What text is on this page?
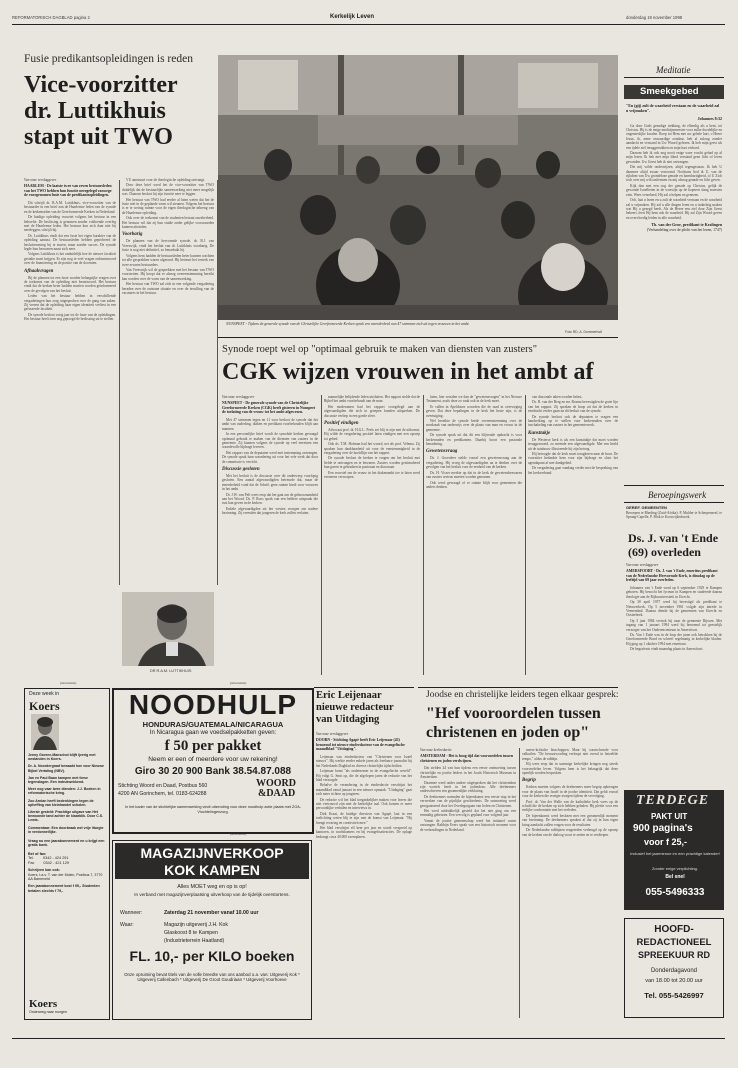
REFORMATORISCH DAGBLAD pagina 2	Kerkelijk Leven	donderdag 19 november 1998
Fusie predikantsopleidingen is reden
Vice-voorzitter
dr. Luttikhuis
stapt uit TWO
Van onze verslaggever
HAARLEM - De laatste twee van zeven bestuursleden van het TWO hebben hun functie neergelegd vanwege de voorgenomen fusie van de predikantsopleidingen.

Dit schrijft dr. R.A.M. Luttikhuis, vice-voorzitter van de bestuurder in een brief aan de Haarlemse leden van de synode en de kerkenraden van de Gereformeerde Kerken in Nederland.

De huidige opleiding voorziet volgens het bestuur in een behoefte. De beslissing is genomen zonder voldoende overleg met de Haarlemse leden. Het bestuur kon zich daar niet bij neerleggen, schrijft hij.

Dr. Luttikhuis vindt dat een fusie het eigen karakter van de opleiding aantast. De bestuursleden hebben geprobeerd de besluitvorming bij te sturen, maar zonder succes. De synode legde hun bezwaren naast zich neer.

Volgens Luttikhuis is het onduidelijk hoe de nieuwe faculteit gestalte moet krijgen. Er zijn nog te veel vragen onbeantwoord over de financiering en de positie van de docenten.

Afhaakvragen

Bij de plannen tot een fusie worden belangrijke vragen over de toekomst van de opleiding niet beantwoord. Het bestuur vindt dat de kerken beter hadden moeten worden geïnformeerd over de gevolgen van het besluit.

Leden van het bestuur hebben in verschillende vergaderingen hun zorg uitgesproken over de gang van zaken. Zij vrezen dat de opleiding haar eigen identiteit verliest in een gefuseerde faculteit.

De synode besloot vorig jaar tot de fusie van de opleidingen. Het bestuur heeft toen nog gepoogd de beslissing uit te stellen.

VU aanstuurt voor de theologische opleiding ontvangt.

Door deze brief werd het de vice-voorzitter van TWO duidelijk dat de bestuurlijke samenwerking niet meer mogelijk was. Daarom besloot hij zijn functie neer te leggen.

Het bestuur van TWO had eerder al laten weten dat het de fusie niet in de geplande vorm wil steunen. Volgens het bestuur is er te weinig ruimte voor de eigen theologische inbreng van de Haarlemse opleiding.

Ook over de toekomst van de studenten bestaat onzekerheid. Het bestuur wil dat zij hun studie onder gelijke voorwaarden kunnen afronden.

Voorbarig

De plannen van de hervormde synode, dr. B.J. van Vreeswijk, vindt het besluit van dr. Luttikhuis voorbarig. De fusie is nog niet definitief, zo benadrukt hij.

Volgens hem hadden de bestuursleden beter kunnen wachten tot alle gesprekken waren afgerond. Hij betreurt het vertrek van twee ervaren bestuurders.

Van Vreeswijk wil de gesprekken met het bestuur van TWO voortzetten. Hij hoopt dat er alsnog overeenstemming bereikt kan worden over de vorm van de samenwerking.

Het bestuur van TWO zal zich in een volgende vergadering beraden over de ontstane situatie en over de invulling van de vacatures in het bestuur.

DR R.A.M. LUTTIKHUIS
NUNSPEET - Tijdens de generale synode van de Christelijke Gereformeerde Kerken sprak een meerderheid van 47 stemmen zich uit tegen vrouwen in het ambt.
Foto RD, A. Dommerholt
Synode roept wel op "optimaal gebruik te maken van diensten van zusters"
CGK wijzen vrouwen in het ambt af
Van onze verslaggever
NUNSPEET - De generale synode van de Christelijke Gereformeerde Kerken (CGK) heeft gisteren in Nunspeet de toelating van de vrouw tot het ambt afgewezen.

Met 47 stemmen tegen en 11 voor besloot de synode dat het ambt van ouderling, diaken en predikant voorbehouden blijft aan mannen.

In een persoonlijke brief wordt de synodale kerken gevraagd optimaal gebruik te maken van de diensten van zusters in de gemeente. Zij kunnen volgens de synode op veel terreinen een waardevolle bijdrage leveren.

Het rapport van de deputaten werd met instemming ontvangen. De synode sprak haar waardering uit voor het vele werk dat door de commissie is verricht.

Discussie gesloten

Met het besluit is de discussie over dit onderwerp voorlopig gesloten. Een aantal afgevaardigden betreurde dat, maar de meerderheid vond dat de Schrift geen ruimte biedt voor vrouwen in het ambt.

Dr. J.W. van Pelt wees erop dat het gaat om de gehoorzaamheid aan het Woord. Ds. P. Roos sprak van een heldere uitspraak die rust kan geven in de kerken.

Enkele afgevaardigden uit het westen vroegen om nadere bezinning. Zij vreesden dat jongeren de kerk zullen verlaten.

mannelijke belijdende leden uitsluiten. Het rapport stelde dat de Bijbel het ambt voorbehoudt aan de man.

Het moderamen had het rapport voorgelegd aan de afgevaardigden die zich in groepen konden uitspreken. De discussie verliep in een goede sfeer.

Positief eindigen

Advocaat prof. dr. H.G.L. Peels zei blij te zijn met de uitkomst. Hij wilde de vergadering positief laten eindigen met een oproep tot gebed.

Ook ds. T.M. Hofman had het woord, net als prof. Velema. Zij spraken hun dankbaarheid uit voor de eenstemmigheid in de vergadering over de hoofdlijn van het rapport.

De synode besloot de kerken te vragen om het besluit met liefde te ontvangen en te bewaren. Zusters worden gestimuleerd hun gaven te gebruiken in pastoraat en diaconaat.

Een voorstel om de vrouw in het diakenambt toe te laten werd eveneens verworpen.

laten, hier vertalen we dan de "gewetensvragen" in het Nieuwe Testament, zoals deze zo vaak ook in de kerk moet.

Er vallen in Apeldoorn woorden die de raad in overweging geven. Dat deze bepalingen in de kerk het beste zijn, is de overtuiging.

Wel bereikte de synode brede overeenstemming over de noodzaak van onderwijs over de plaats van man en vrouw in de gemeente.

De synode sprak uit dat dit een blijvende opdracht is voor kerkenraden en predikanten. Daarbij hoort een pastorale benadering.

Gewetensvraag

Ds. J. Groenleer stelde vooraf een gewetensvraag aan de vergadering. Hij vroeg de afgevaardigden na te denken over de gevolgen van het besluit voor de eenheid van de kerken.

Ds. H. Visser merkte op dat in de kerk de gewetensbezwaren van zusters serieus moeten worden genomen.

Ook werd gevraagd of er ruimte blijft voor gemeenten die anders denken.

van diaconale taken worden belast.

Ds. R. van der Berg en mr. Bosma bevestigden de grote lijn van het rapport. Zij spraken de hoop uit dat de kerken in eendracht verder gaan na dit besluit van de synode.

De synode besloot ook de deputaten te vragen een handreiking op te stellen voor kerkenraden over de inschakeling van zusters in het gemeentewerk.

Kunsttakje

De Westerse kerk is als een kunsttakje dat moet worden teruggesnoeid, zo meende een afgevaardigde. Met een beeld uit de tuinbouw illustreerde hij zijn betoog.

Hij betoogde dat de kerk moet terugkeren naar de bron. De voorzitter bedankte hem voor zijn bijdrage en sloot het agendapunt af met dankgebed.

De vergadering gaat vandaag verder met de bespreking van het kerkverband.

Meditatie
Smeekgebed
"En (gij) zult de waarheid verstaan en de waarheid zal u vrijmaken".
Johannes 8:32

Ga door Gods genadige trekking, de ellendig als u bent, tot Christus. Hij is de enige medicijnmeester voor zulke doodelijke en ongeneeslijke kwalen. Roep tot Hem met uw gehele hart, o Heere Jezus, ik, arme onwaardige zondaar, heb al zulong zonder aandacht en verstand in Uw Woord gelezen. Ik heb mijn geest als een ijdele ziel teruggetrokken en mijn hart verhard.

Daarom heb ik ook nog nooit enige ware vrucht gehad op al mijn lezen. Ik heb met mijn blind verstand geen licht of leven gevonden. Uw Geest heb ik niet ontvangen.

Die mij wilde onderwijzen, altijd tegengestaan. Ik heb U daarmee altijd zwaar vertoornd. Nochtans lied ik U, van de rijkdom van Uw grondeloze genade en barmhartigheid, of U Zich toch over mij wilt ontfermen en mij alsnog genade en licht geven.

Kijk dan met een oog der genade op Christus, gelijk de gewonde Israëlieten in de woestijn op de koperen slang moesten zien. Wees verzekerd, Hij zal u helpen en genezen.

Och, laat u lezen en u zult de waarheid verstaan en de waarheid zal u vrijmaken. Hij zal u alle dingen leren en u indachtig maken wat Hij u gezegd heeft. Als de Heere een ziel door Zijn Geest bekeert, leert Hij hem ook de waarheid. Hij zal Zijn Woord geven en overvloedig leiden in alle waarheid.

Th. van der Groe, predikant te Kralingen
(Verhandeling over de plicht van het lezen, 1747)
Beroepingswerk
GEREF. GEMEENTEN

Beroepen te Rheding (Zuid-Afrika): P. Mulder te Scherpenzeel, te Sprang-Capelle, P. Blok te Kootwijkerbroek.

Ds. J. van 't Ende (69) overleden
Van onze verslaggever
AMERSFOORT - Ds. J. van 't Ende, emeritus predikant van de Nederlandse Hervormde Kerk, is dinsdag op de leeftijd van 69 jaar overleden.

Johannes van 't Ende werd op 6 september 1929 te Kampen geboren. Hij bezocht het lyceum in Kampen en studeerde daarna theologie aan de Rijksuniversiteit in Utrecht.

Op 30 april 1957 werd hij bevestigd als predikant te Nieuwerkerk. Op 5 november 1961 volgde zijn intrede in Veenendaal. Daarna diende hij de gemeenten van Utrecht en Oosterbeek.

Op 3 juni 1984 vertrok hij naar de gemeente Rijssen. Met ingang van 1 januari 1994 werd hij benoemd tot geestelijk verzorger van het Ouderencentrum in Amersfoort.

Ds. Van 't Ende was in de loop der jaren ook betrokken bij de Gereformeerde Bond en schreef regelmatig in kerkelijke bladen. Hij ging op 1 oktober 1994 met emeritaat.

De begrafenis vindt maandag plaats in Amersfoort.

TERDEGE
PAKT UIT
900 pagina's
voor f 25,-
Inclusief het jaarmenue en een prachtige kalender!
Zonder enige verplichting.
Bel snel
055-5496333
HOOFD-
REDACTIONEEL
SPREEKUUR RD
Donderdagavond
van 18.00 tot 20.00 uur
Tel. 055-5426997
(advertentie)
Deze week in
Koers
Jenny Goeree-Manschot blijft ijverig met onstanden in Koers.
Dr. A. Noordergraaf bewaakt hoe voor Nieuwe Bijbel Vertaling (NBV).
Jan en Paul Baan kampen met forse tegenslagen. Een indrukwekkend.
Meer nog vaar twee dienden: J.J. Boeken in reformatorische kring.
Zoo Arnlan heeft bedenkingen tegen de opheffing van kleinhandel scholen.
Literair gesteld: Prachtige uitgave van Het bewoonde land achter de klaarblik. Door C.S. Lewis.
Commentaar: Een doorbraak wel vrije liturgie in verdonnellijke.
Vraag nu een jaarabonnement en u krijgt een gratis boek.
Bel of fax:
Tel. 0342 - 424 291
Fax 0342 - 421 129
Schrijven kan ook:
Koers, t.a.v. T. van der Molen, Postbus 7, 3770 AA Barneveld
Een jaarabonnement kost f 95,- Studenten betalen slechts f 79,-
Koers
Onderweg naar morgen
(advertentie)
NOODHULP
HONDURAS/GUATEMALA/NICARAGUA
In Nicaragua gaan we voedselpakketten geven:
f 50 per pakket
Neem er een of meerdere voor uw rekening!
Giro 30 20 900 Bank 38.54.87.088
Stichting Woord en Daad, Postbus 560
4200 AN Gorinchem, tel. 0183-624288
WOORD
&DAAD
In het kader van de stichtelijke samenwerking vindt uitzending voor deze noodhulp actie plaats met ZOA-Vluchtelingenzorg.
(advertentie)
MAGAZIJNVERKOOP
KOK KAMPEN
Alles MOET weg en op is op!
In verband met magazijnverplaatsing uitverkoop van de tijdelijk overstortens.
Wanneer:	Zaterdag 21 november vanaf 10.00 uur
Waar:	Magazijn uitgeverij J.H. Kok
Glaskoost 8 te Kampen
(Industrieterrein Haatland)
FL. 10,- per KILO boeken
Onze opruiming bevat titels van de volle breedte van ons aanbod o.a. van: Uitgeverij Kok * Uitgeverij Callenbach * Uitgeverij De Groot Goudriaan * Uitgeverij Voorhoeve
Eric Leijenaar
nieuwe redacteur
van Uitdaging
Van onze verslaggever
DOORN - Stichting Agapè heeft Eric Leijenaar (43) benoemd tot nieuwe eindredacteur van de evangelische maandblad "Uitdaging".

Leijenaar was eindredacteur van "Christenen voor Israël nieuws". Hij werkte eerder enkele jaren als freelance journalist bij het Nederlands Dagblad en diverse christelijke tijdschriften.

Leijenaar komt "als ondernemer in de evangelische wereld". Hij volgt G. Smit op, die de afgelopen jaren de redactie van het blad verzorgde.

Behalve de verandering in de eindredactie verschijnt het maandblad vanaf januari in een nieuwe opmaak. "Uitdaging" gaat zich meer richten op jongeren.

De redactie wil het blad toegankelijker maken voor lezers die niet vertrouwd zijn met de kerkelijke taal. Ook komen er meer persoonlijke verhalen en interviews in.

Dirk Kraai, de huidige directeur van Agapè, laat in een toelichting weten blij te zijn met de komst van Leijenaar. "Hij brengt ervaring en creativiteit mee."

Het blad verschijnt elf keer per jaar en wordt verspreid op kantoren, in wachtkamers en bij evangelisatieacties. De oplage bedraagt circa 40.000 exemplaren.

Joodse en christelijke leiders tegen elkaar gesprek:
"Hef vooroordelen tussen
christenen en joden op"
Van onze kerkredactie
AMSTERDAM - Het is hoog tijd dat vooroordelen tussen christenen en joden verdwijnen.

Dat stelden 24 van hun tijdens een eerste ontmoeting tussen christelijke en joodse leiders in het Joods Historisch Museum in Amsterdam.

Daarmee werd onder andere uitgesproken dat het christendom zijn wortels heeft in het jodendom. Alle deelnemers onderschreven een gezamenlijke verklaring.

De deelnemers noemden de bijeenkomst een eerste stap in het verwerken van de pijnlijke geschiedenis. De ontmoeting werd georganiseerd door het Overlegorgaan van Joden en Christenen.

Het werd uitdrukkelijk gesteld dat het niet ging om een eenmalig gebeuren. Een vervolg is gepland voor volgend jaar.

Vanuit de joodse gemeenschap werd het initiatief warm ontvangen. Rabbijn Evers sprak van een historisch moment voor de verhoudingen in Nederland.

meest-kritische bisschoppen. Maar hij waarschuwde voor valkuilen. "De bewustwording verloopt niet overal in hetzelfde tempo," aldus de rabbijn.

Hij wees erop dat in sommige kerkelijke kringen nog steeds vooroordelen leven. Volgens hem is het belangrijk dat deze openlijk worden besproken.

Begrip

Kerken moeten volgens de deelnemers meer begrip opbrengen voor de plaats van Israël in de joodse identiteit. Dat geldt vooral voor de kerken die vroeger zwegen tijdens de vervolging.

Prof. dr. Van der Walle van de katholieke kerk wees op de schuld die de kerken op zich hebben geladen. Hij pleitte voor een eerlijke confrontatie met het verleden.

De bijeenkomst werd besloten met een gezamenlijk moment van bezinning. De deelnemers spraken af dat zij in hun eigen kring aandacht zullen vragen voor de resultaten.

De Nederlandse rabbijnen reageerden verheugd op de oproep van de kerken om de dialoog voort te zetten en te verdiepen.
